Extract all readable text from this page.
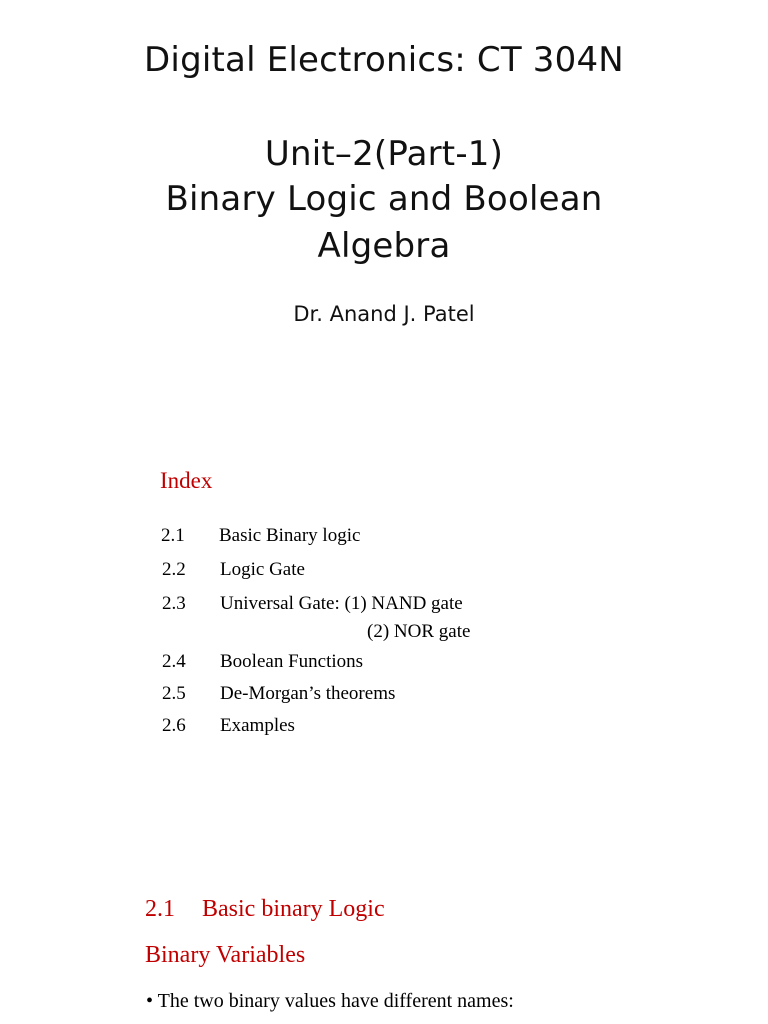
Digital Electronics: CT 304N
Unit–2(Part-1)
Binary Logic and Boolean
Algebra
Dr. Anand J. Patel
Index
2.1 Basic Binary logic
2.2 Logic Gate
2.3 Universal Gate: (1) NAND gate
(2) NOR gate
2.4 Boolean Functions
2.5 De-Morgan’s theorems
2.6 Examples
2.1 Basic binary Logic
Binary Variables
• The two binary values have different names:
